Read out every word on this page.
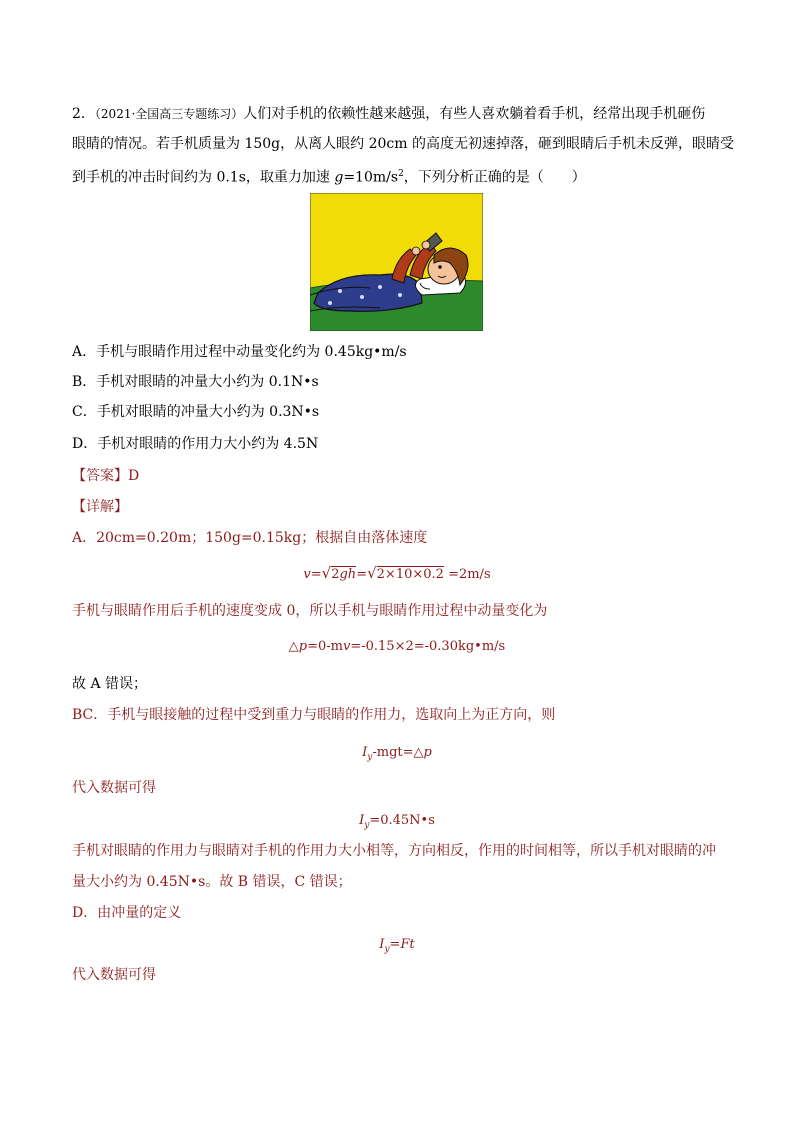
2．（2021·全国高三专题练习）人们对手机的依赖性越来越强，有些人喜欢躺着看手机，经常出现手机砸伤
眼睛的情况。若手机质量为 150g，从离人眼约 20cm 的高度无初速掉落，砸到眼睛后手机未反弹，眼睛受
到手机的冲击时间约为 0.1s，取重力加速 $g=10m/s^2$，下列分析正确的是（　　）
A．手机与眼睛作用过程中动量变化约为 0.45kg•m/s
B．手机对眼睛的冲量大小约为 0.1N•s
C．手机对眼睛的冲量大小约为 0.3N•s
D．手机对眼睛的作用力大小约为 4.5N
【答案】D
【详解】
A．20cm=0.20m；150g=0.15kg；根据自由落体速度
v=√2gh=√2×10×0.2 =2m/s
手机与眼睛作用后手机的速度变成 0，所以手机与眼睛作用过程中动量变化为
△p=0-mv=-0.15×2=-0.30kg•m/s
故 A 错误；
BC．手机与眼接触的过程中受到重力与眼睛的作用力，选取向上为正方向，则
$I_y-mgt=\triangle p$
代入数据可得
$I_y=0.45N•s$
手机对眼睛的作用力与眼睛对手机的作用力大小相等，方向相反，作用的时间相等，所以手机对眼睛的冲
量大小约为 0.45N•s。故 B 错误，C 错误；
D．由冲量的定义
$I_y=Ft$
代入数据可得
